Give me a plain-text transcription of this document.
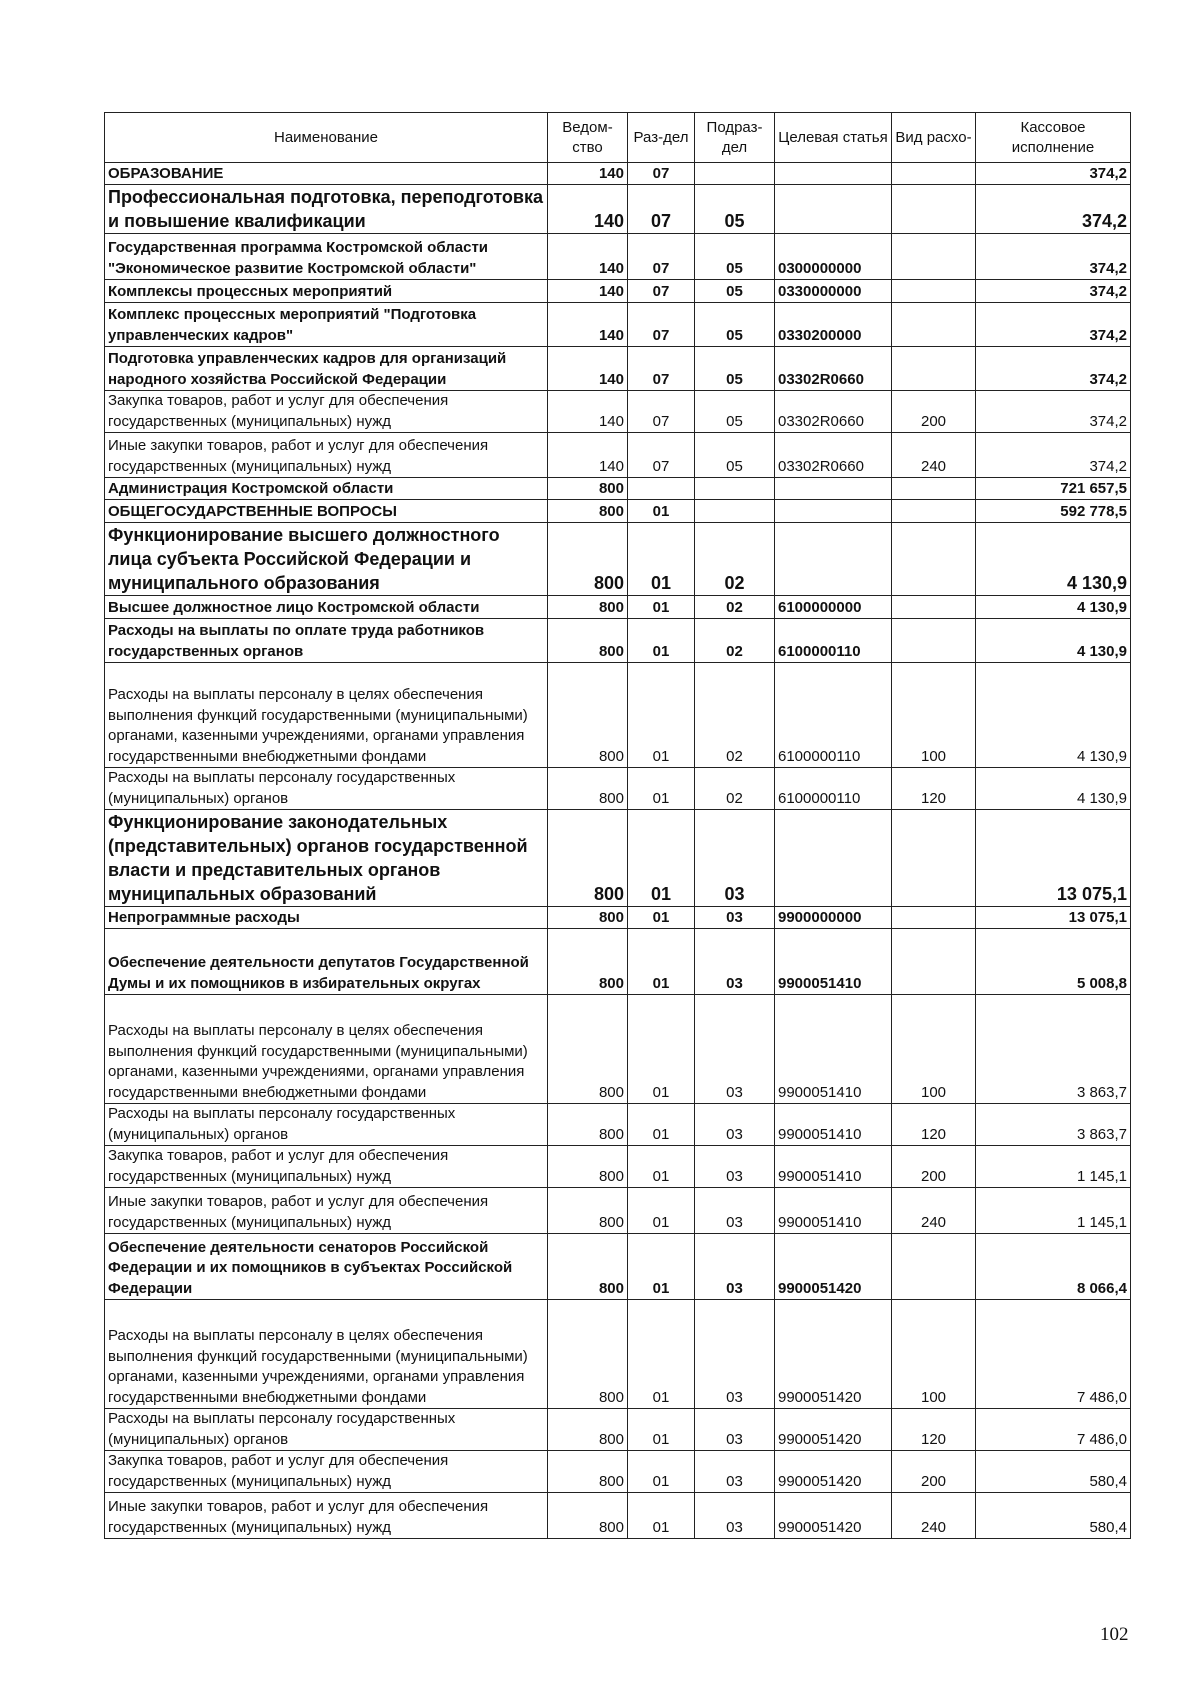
Наименование	Ведом-ство	Раз-дел	Подраз-дел	Целевая статья	Вид расхо-	Кассовое исполнение
ОБРАЗОВАНИЕ	140	07				374,2
Профессиональная подготовка, переподготовка и повышение квалификации	140	07	05			374,2
Государственная программа Костромской области "Экономическое развитие Костромской области"	140	07	05	0300000000		374,2
Комплексы процессных мероприятий	140	07	05	0330000000		374,2
Комплекс процессных мероприятий "Подготовка управленческих кадров"	140	07	05	0330200000		374,2
Подготовка управленческих кадров для организаций народного хозяйства Российской Федерации	140	07	05	03302R0660		374,2
Закупка товаров, работ и услуг для обеспечения государственных (муниципальных) нужд	140	07	05	03302R0660	200	374,2
Иные закупки товаров, работ и услуг для обеспечения государственных (муниципальных) нужд	140	07	05	03302R0660	240	374,2
Администрация Костромской области	800					721 657,5
ОБЩЕГОСУДАРСТВЕННЫЕ ВОПРОСЫ	800	01				592 778,5
Функционирование высшего должностного лица субъекта Российской Федерации и муниципального образования	800	01	02			4 130,9
Высшее должностное лицо Костромской области	800	01	02	6100000000		4 130,9
Расходы на выплаты по оплате труда работников государственных органов	800	01	02	6100000110		4 130,9
Расходы на выплаты персоналу в целях обеспечения выполнения функций государственными (муниципальными) органами, казенными учреждениями, органами управления государственными внебюджетными фондами	800	01	02	6100000110	100	4 130,9
Расходы на выплаты персоналу государственных (муниципальных) органов	800	01	02	6100000110	120	4 130,9
Функционирование законодательных (представительных) органов государственной власти и представительных органов муниципальных образований	800	01	03			13 075,1
Непрограммные расходы	800	01	03	9900000000		13 075,1
Обеспечение деятельности депутатов Государственной Думы и их помощников в избирательных округах	800	01	03	9900051410		5 008,8
Расходы на выплаты персоналу в целях обеспечения выполнения функций государственными (муниципальными) органами, казенными учреждениями, органами управления государственными внебюджетными фондами	800	01	03	9900051410	100	3 863,7
Расходы на выплаты персоналу государственных (муниципальных) органов	800	01	03	9900051410	120	3 863,7
Закупка товаров, работ и услуг для обеспечения государственных (муниципальных) нужд	800	01	03	9900051410	200	1 145,1
Иные закупки товаров, работ и услуг для обеспечения государственных (муниципальных) нужд	800	01	03	9900051410	240	1 145,1
Обеспечение деятельности сенаторов Российской Федерации и их помощников в субъектах Российской Федерации	800	01	03	9900051420		8 066,4
Расходы на выплаты персоналу в целях обеспечения выполнения функций государственными (муниципальными) органами, казенными учреждениями, органами управления государственными внебюджетными фондами	800	01	03	9900051420	100	7 486,0
Расходы на выплаты персоналу государственных (муниципальных) органов	800	01	03	9900051420	120	7 486,0
Закупка товаров, работ и услуг для обеспечения государственных (муниципальных) нужд	800	01	03	9900051420	200	580,4
Иные закупки товаров, работ и услуг для обеспечения государственных (муниципальных) нужд	800	01	03	9900051420	240	580,4
102
